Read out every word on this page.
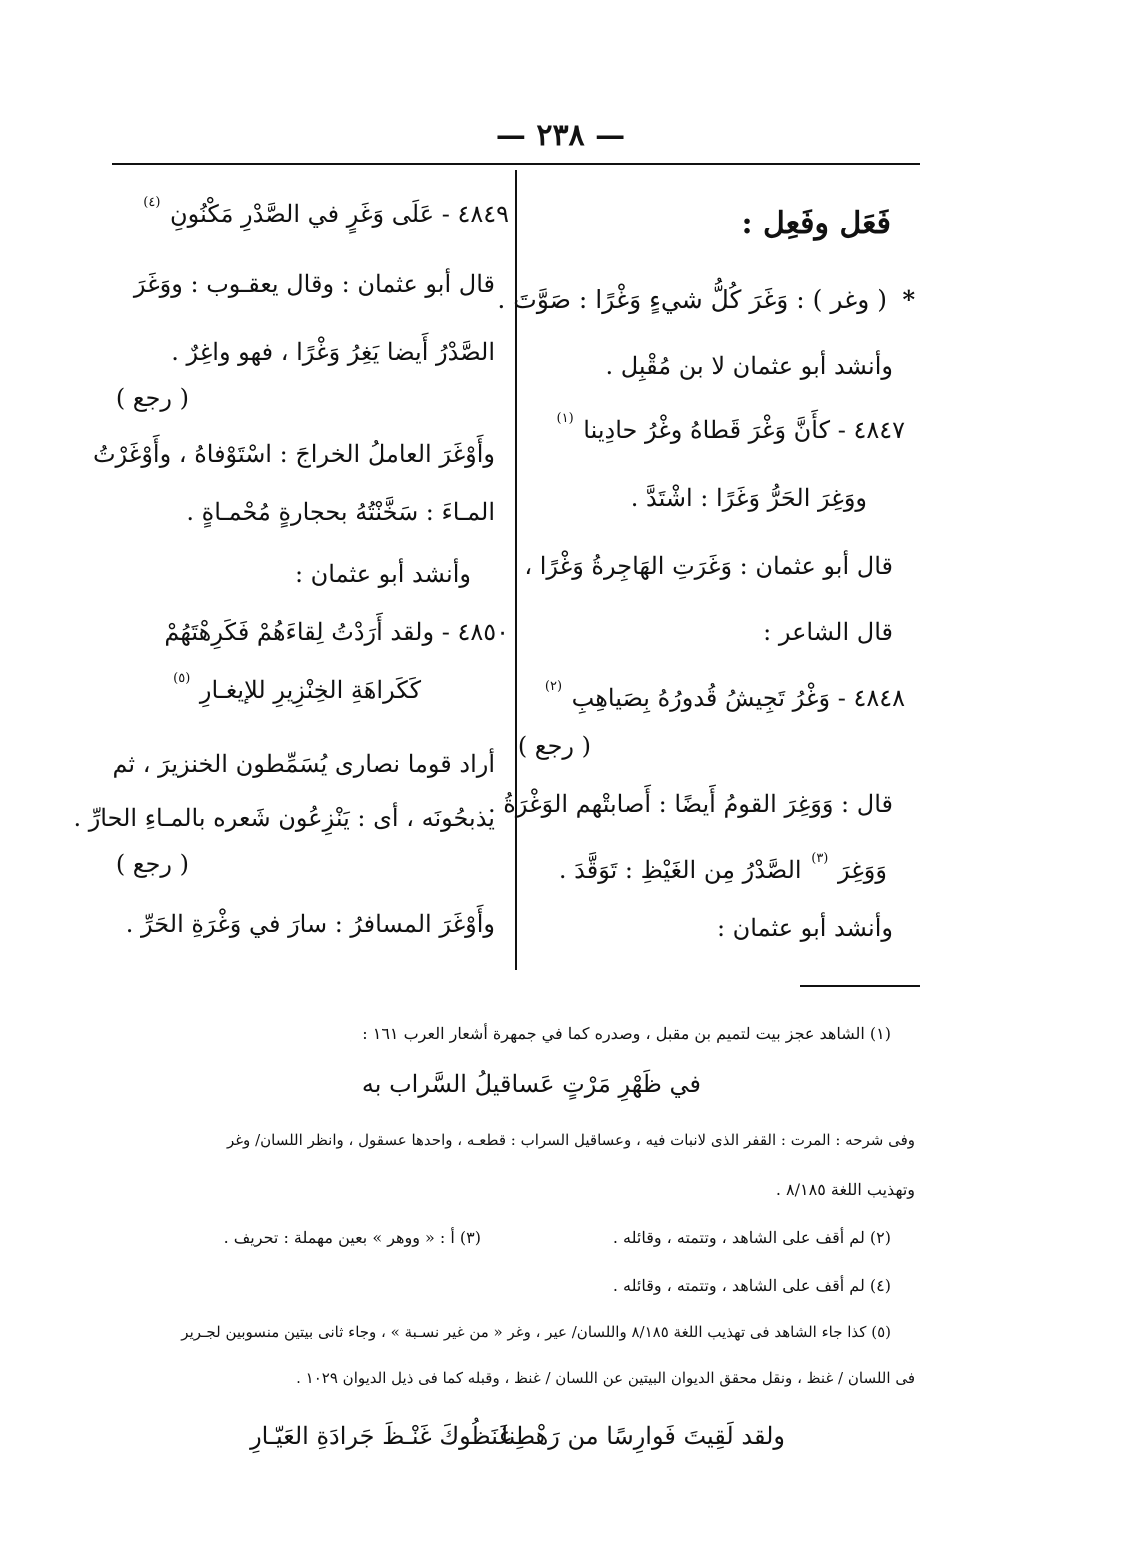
— ٢٣٨ —
فَعَل وفَعِل :
*
( وغر ) : وَغَرَ كُلُّ شيءٍ وَغْرًا : صَوَّتَ .
وأنشد أبو عثمان لا بن مُقْبِل .
٤٨٤٧ - كأَنَّ وَغْرَ قَطاهُ وغْرُ حادِينا $^{(١)}$
ووَغِرَ الحَرُّ وَغَرًا : اشْتَدَّ .
قال أبو عثمان : وَغَرَتِ الهَاجِرةُ وَغْرًا ،
قال الشاعر :
٤٨٤٨ - وَغْرُ تَجِيشُ قُدورُهُ بِصَياهِبِ $^{(٢)}$
( رجع )
قال : وَوَغِرَ القومُ أَيضًا : أَصابتْهم الوَغْرَةُ .
وَوَغِرَ $^{(٣)}$ الصَّدْرُ مِن الغَيْظِ : تَوَقَّدَ .
وأنشد أبو عثمان :
٤٨٤٩ - عَلَى وَغَرٍ في الصَّدْرِ مَكْنُونِ $^{(٤)}$
قال أبو عثمان : وقال يعقـوب : ووَغَرَ
الصَّدْرُ أَيضا يَغِرُ وَغْرًا ، فهو واغِرٌ .
( رجع )
وأَوْغَرَ العاملُ الخراجَ : اسْتَوْفاهُ ، وأَوْغَرْتُ
المـاءَ : سَخَّنْتُهُ بحجارةٍ مُحْمـاةٍ .
وأنشد أبو عثمان :
٤٨٥٠ - ولقد أَرَدْتُ لِقاءَهُمْ فَكَرِهْتَهُمْ
كَكَراهَةِ الخِنْزِيرِ للإيغـارِ $^{(٥)}$
أراد قوما نصارى يُسَمِّطون الخنزيرَ ، ثم
يذبحُونَه ، أى : يَنْزِعُون شَعره بالمـاءِ الحارِّ .
( رجع )
وأَوْغَرَ المسافرُ : سارَ في وَغْرَةِ الحَرِّ .
(١) الشاهد عجز بيت لتميم بن مقبل ، وصدره كما في جمهرة أشعار العرب ١٦١ :
في ظَهْرِ مَرْتٍ عَساقيلُ السَّراب به
وفى شرحه : المرت : القفر الذى لانبات فيه ، وعساقيل السراب : قطعـه ، واحدها عسقول ، وانظر اللسان/ وغر
وتهذيب اللغة ٨/١٨٥ .
(٢) لم أقف على الشاهد ، وتتمته ، وقائله .
(٣) أ : « ووهر » بعين مهملة : تحريف .
(٤) لم أقف على الشاهد ، وتتمته ، وقائله .
(٥) كذا جاء الشاهد فى تهذيب اللغة ٨/١٨٥ واللسان/ عير ، وغر « من غير نسـبة » ، وجاء ثانى بيتين منسوبين لجـرير
فى اللسان / غنظ ، ونقل محقق الديوان البيتين عن اللسان / غنظ ، وقبله كما فى ذيل الديوان ١٠٢٩ .
ولقد لَقِيتَ فَوارِسًا من رَهْطِنا
غَنَظُوكَ غَنْـظَ جَرادَةِ العَيّـارِ
